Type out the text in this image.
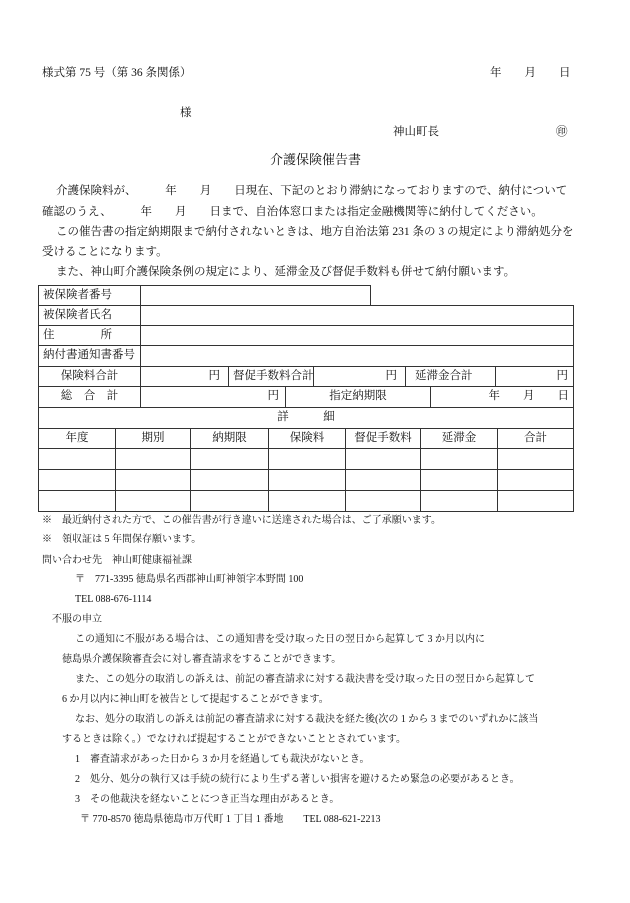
様式第 75 号（第 36 条関係）	年　　月　　日
様
神山町長	㊞
介護保険催告書
介護保険料が、　　　年　　月　　日現在、下記のとおり滞納になっておりますので、納付について
確認のうえ、　　　年　　月　　日まで、自治体窓口または指定金融機関等に納付してください。
この催告書の指定納期限まで納付されないときは、地方自治法第 231 条の 3 の規定により滞納処分を
受けることになります。
また、神山町介護保険条例の規定により、延滞金及び督促手数料も併せて納付願います。
被保険者番号
被保険者氏名
住　　　　所
納付書通知書番号
保険料合計	円 督促手数料合計	円 延滞金合計	円
総　合　計	円	指定納期限	年　　月　　日
詳　　　細
年度	期別	納期限	保険料	督促手数料	延滞金	合計
※　最近納付された方で、この催告書が行き違いに送達された場合は、ご了承願います。
※　領収証は 5 年間保存願います。
問い合わせ先 神山町健康福祉課
〒　771-3395 徳島県名西郡神山町神領字本野間 100
TEL 088-676-1114
不服の申立
この通知に不服がある場合は、この通知書を受け取った日の翌日から起算して 3 か月以内に
徳島県介護保険審査会に対し審査請求をすることができます。
また、この処分の取消しの訴えは、前記の審査請求に対する裁決書を受け取った日の翌日から起算して
6 か月以内に神山町を被告として提起することができます。
なお、処分の取消しの訴えは前記の審査請求に対する裁決を経た後(次の 1 から 3 までのいずれかに該当
するときは除く。）でなければ提起することができないこととされています。
1　審査請求があった日から 3 か月を経過しても裁決がないとき。
2　処分、処分の執行又は手続の続行により生ずる著しい損害を避けるため緊急の必要があるとき。
3　その他裁決を経ないことにつき正当な理由があるとき。
〒 770-8570 徳島県徳島市万代町 1 丁目 1 番地　　TEL 088-621-2213
